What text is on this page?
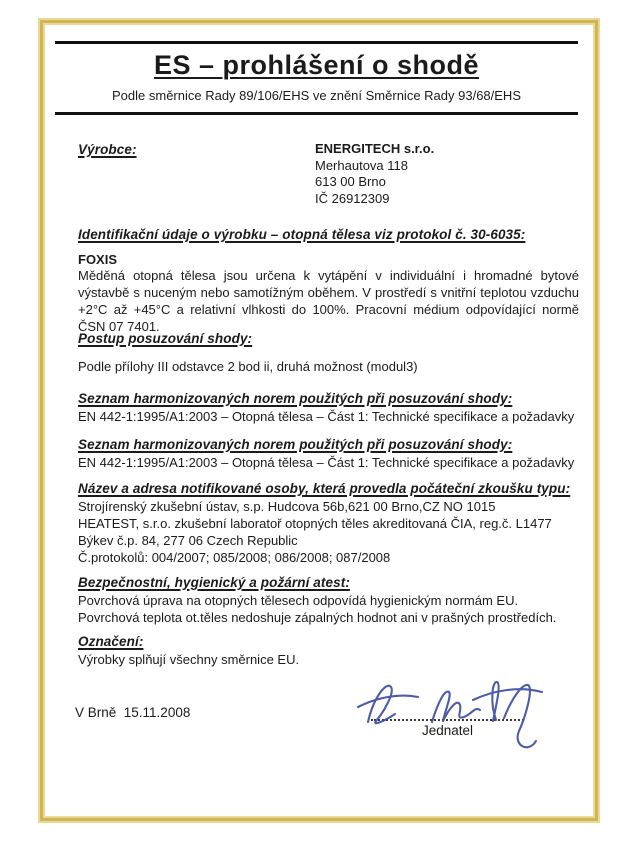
ES – prohlášení o shodě
Podle směrnice Rady 89/106/EHS ve znění Směrnice Rady 93/68/EHS
Výrobce:	ENERGITECH s.r.o.
Merhautova 118
613 00 Brno
IČ 26912309
Identifikační údaje o výrobku – otopná tělesa viz protokol č. 30-6035:
FOXIS
Měděná otopná tělesa jsou určena k vytápění v individuální i hromadné bytové výstavbě s nuceným nebo samotížným oběhem. V prostředí s vnitřní teplotou vzduchu +2°C až +45°C a relativní vlhkosti do 100%. Pracovní médium odpovídající normě ČSN 07 7401.
Postup posuzování shody:
Podle přílohy III odstavce 2 bod ii, druhá možnost (modul3)
Seznam harmonizovaných norem použitých při posuzování shody:
EN 442-1:1995/A1:2003 – Otopná tělesa – Část 1: Technické specifikace a požadavky
Seznam harmonizovaných norem použitých při posuzování shody:
EN 442-1:1995/A1:2003 – Otopná tělesa – Část 1: Technické specifikace a požadavky
Název a adresa notifikované osoby, která provedla počáteční zkoušku typu:
Strojírenský zkušební ústav, s.p. Hudcova 56b,621 00 Brno,CZ NO 1015
HEATEST, s.r.o. zkušební laboratoř otopných těles akreditovaná ČIA, reg.č. L1477
Býkev č.p. 84, 277 06 Czech Republic
Č.protokolů: 004/2007; 085/2008; 086/2008; 087/2008
Bezpečnostní, hygienický a požární atest:
Povrchová úprava na otopných tělesech odpovídá hygienickým normám EU.
Povrchová teplota ot.těles nedoshuje zápalných hodnot ani v prašných prostředích.
Označení:
Výrobky splňují všechny směrnice EU.
V Brně  15.11.2008
Jednatel
